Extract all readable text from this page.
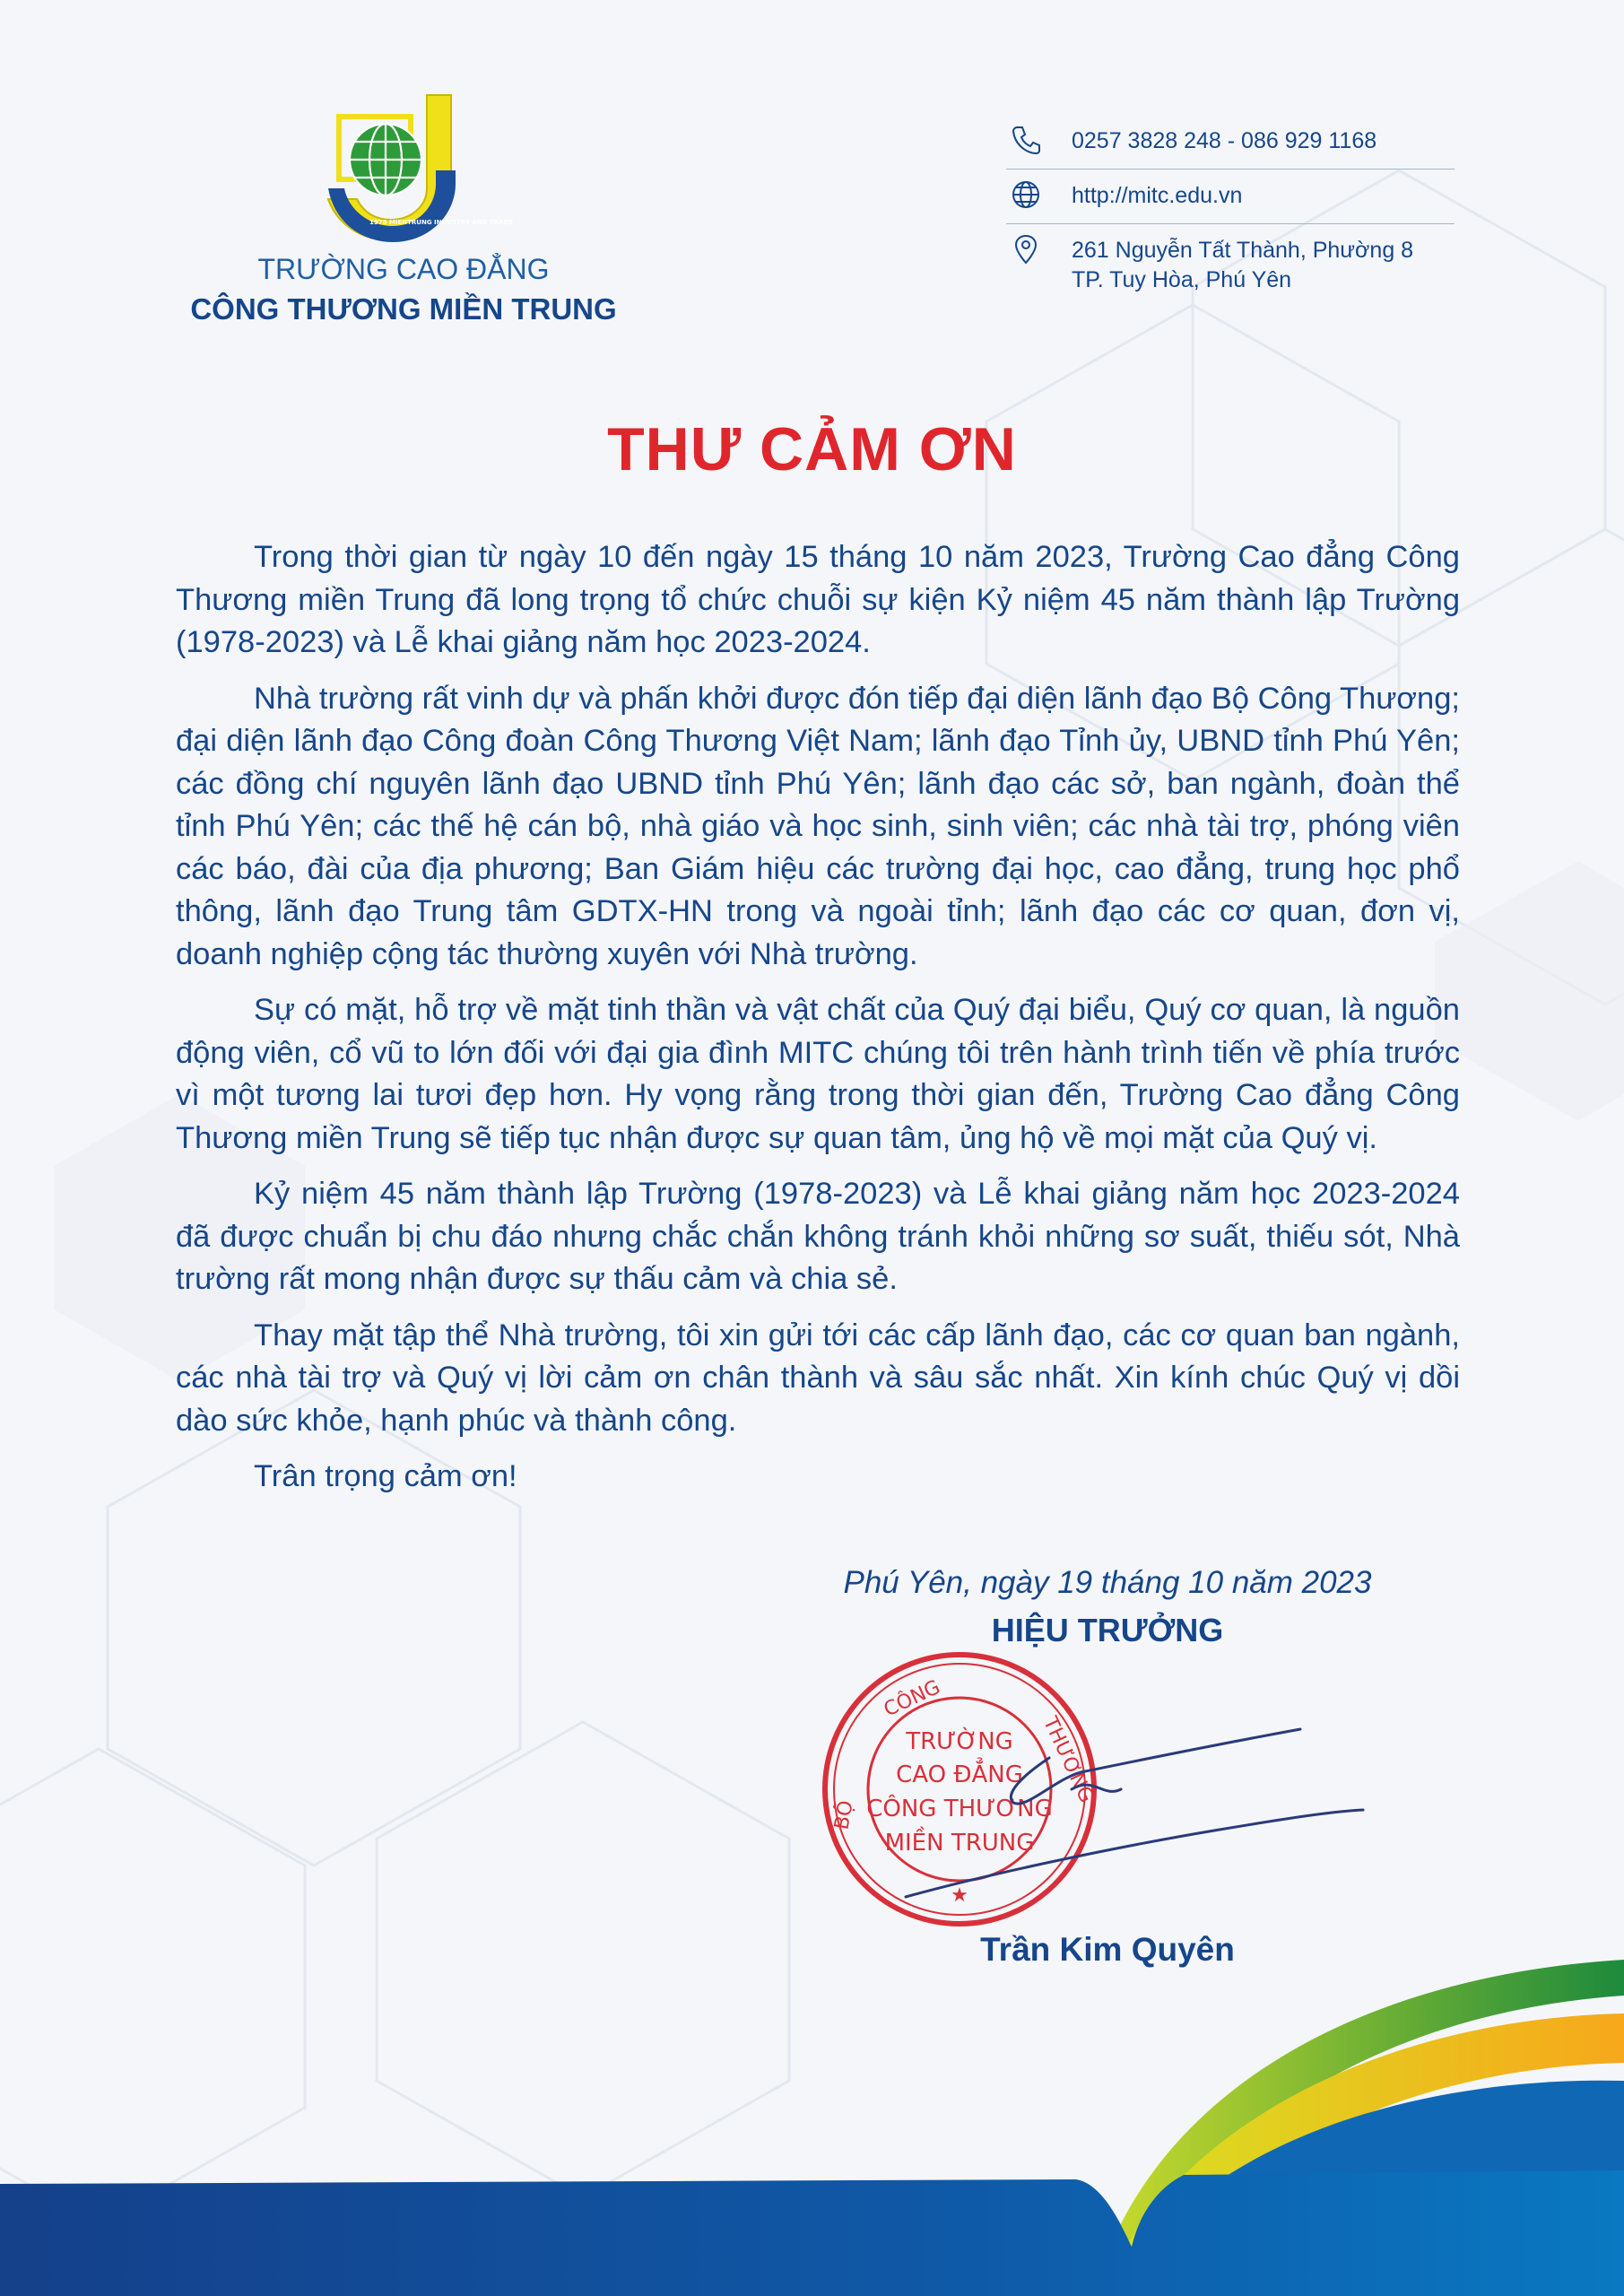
1978 MIENTRUNG INDUSTRY AND TRADE
TRƯỜNG CAO ĐẲNG
CÔNG THƯƠNG MIỀN TRUNG
0257 3828 248 - 086 929 1168
http://mitc.edu.vn
261 Nguyễn Tất Thành, Phường 8
TP. Tuy Hòa, Phú Yên
THƯ CẢM ƠN

Trong thời gian từ ngày 10 đến ngày 15 tháng 10 năm 2023, Trường Cao đẳng Công Thương miền Trung đã long trọng tổ chức chuỗi sự kiện Kỷ niệm 45 năm thành lập Trường (1978-2023) và Lễ khai giảng năm học 2023-2024.

Nhà trường rất vinh dự và phấn khởi được đón tiếp đại diện lãnh đạo Bộ Công Thương; đại diện lãnh đạo Công đoàn Công Thương Việt Nam; lãnh đạo Tỉnh ủy, UBND tỉnh Phú Yên; các đồng chí nguyên lãnh đạo UBND tỉnh Phú Yên; lãnh đạo các sở, ban ngành, đoàn thể tỉnh Phú Yên; các thế hệ cán bộ, nhà giáo và học sinh, sinh viên; các nhà tài trợ, phóng viên các báo, đài của địa phương; Ban Giám hiệu các trường đại học, cao đẳng, trung học phổ thông, lãnh đạo Trung tâm GDTX-HN trong và ngoài tỉnh; lãnh đạo các cơ quan, đơn vị, doanh nghiệp cộng tác thường xuyên với Nhà trường.

Sự có mặt, hỗ trợ về mặt tinh thần và vật chất của Quý đại biểu, Quý cơ quan, là nguồn động viên, cổ vũ to lớn đối với đại gia đình MITC chúng tôi trên hành trình tiến về phía trước vì một tương lai tươi đẹp hơn. Hy vọng rằng trong thời gian đến, Trường Cao đẳng Công Thương miền Trung sẽ tiếp tục nhận được sự quan tâm, ủng hộ về mọi mặt của Quý vị.

Kỷ niệm 45 năm thành lập Trường (1978-2023) và Lễ khai giảng năm học 2023-2024 đã được chuẩn bị chu đáo nhưng chắc chắn không tránh khỏi những sơ suất, thiếu sót, Nhà trường rất mong nhận được sự thấu cảm và chia sẻ.

Thay mặt tập thể Nhà trường, tôi xin gửi tới các cấp lãnh đạo, các cơ quan ban ngành, các nhà tài trợ và Quý vị lời cảm ơn chân thành và sâu sắc nhất. Xin kính chúc Quý vị dồi dào sức khỏe, hạnh phúc và thành công.

Trân trọng cảm ơn!

Phú Yên, ngày 19 tháng 10 năm 2023
HIỆU TRƯỞNG
CÔNG
BỘ
THƯƠNG
TRƯỜNG
CAO ĐẲNG
CÔNG THƯƠNG
MIỀN TRUNG
★
Trần Kim Quyên
